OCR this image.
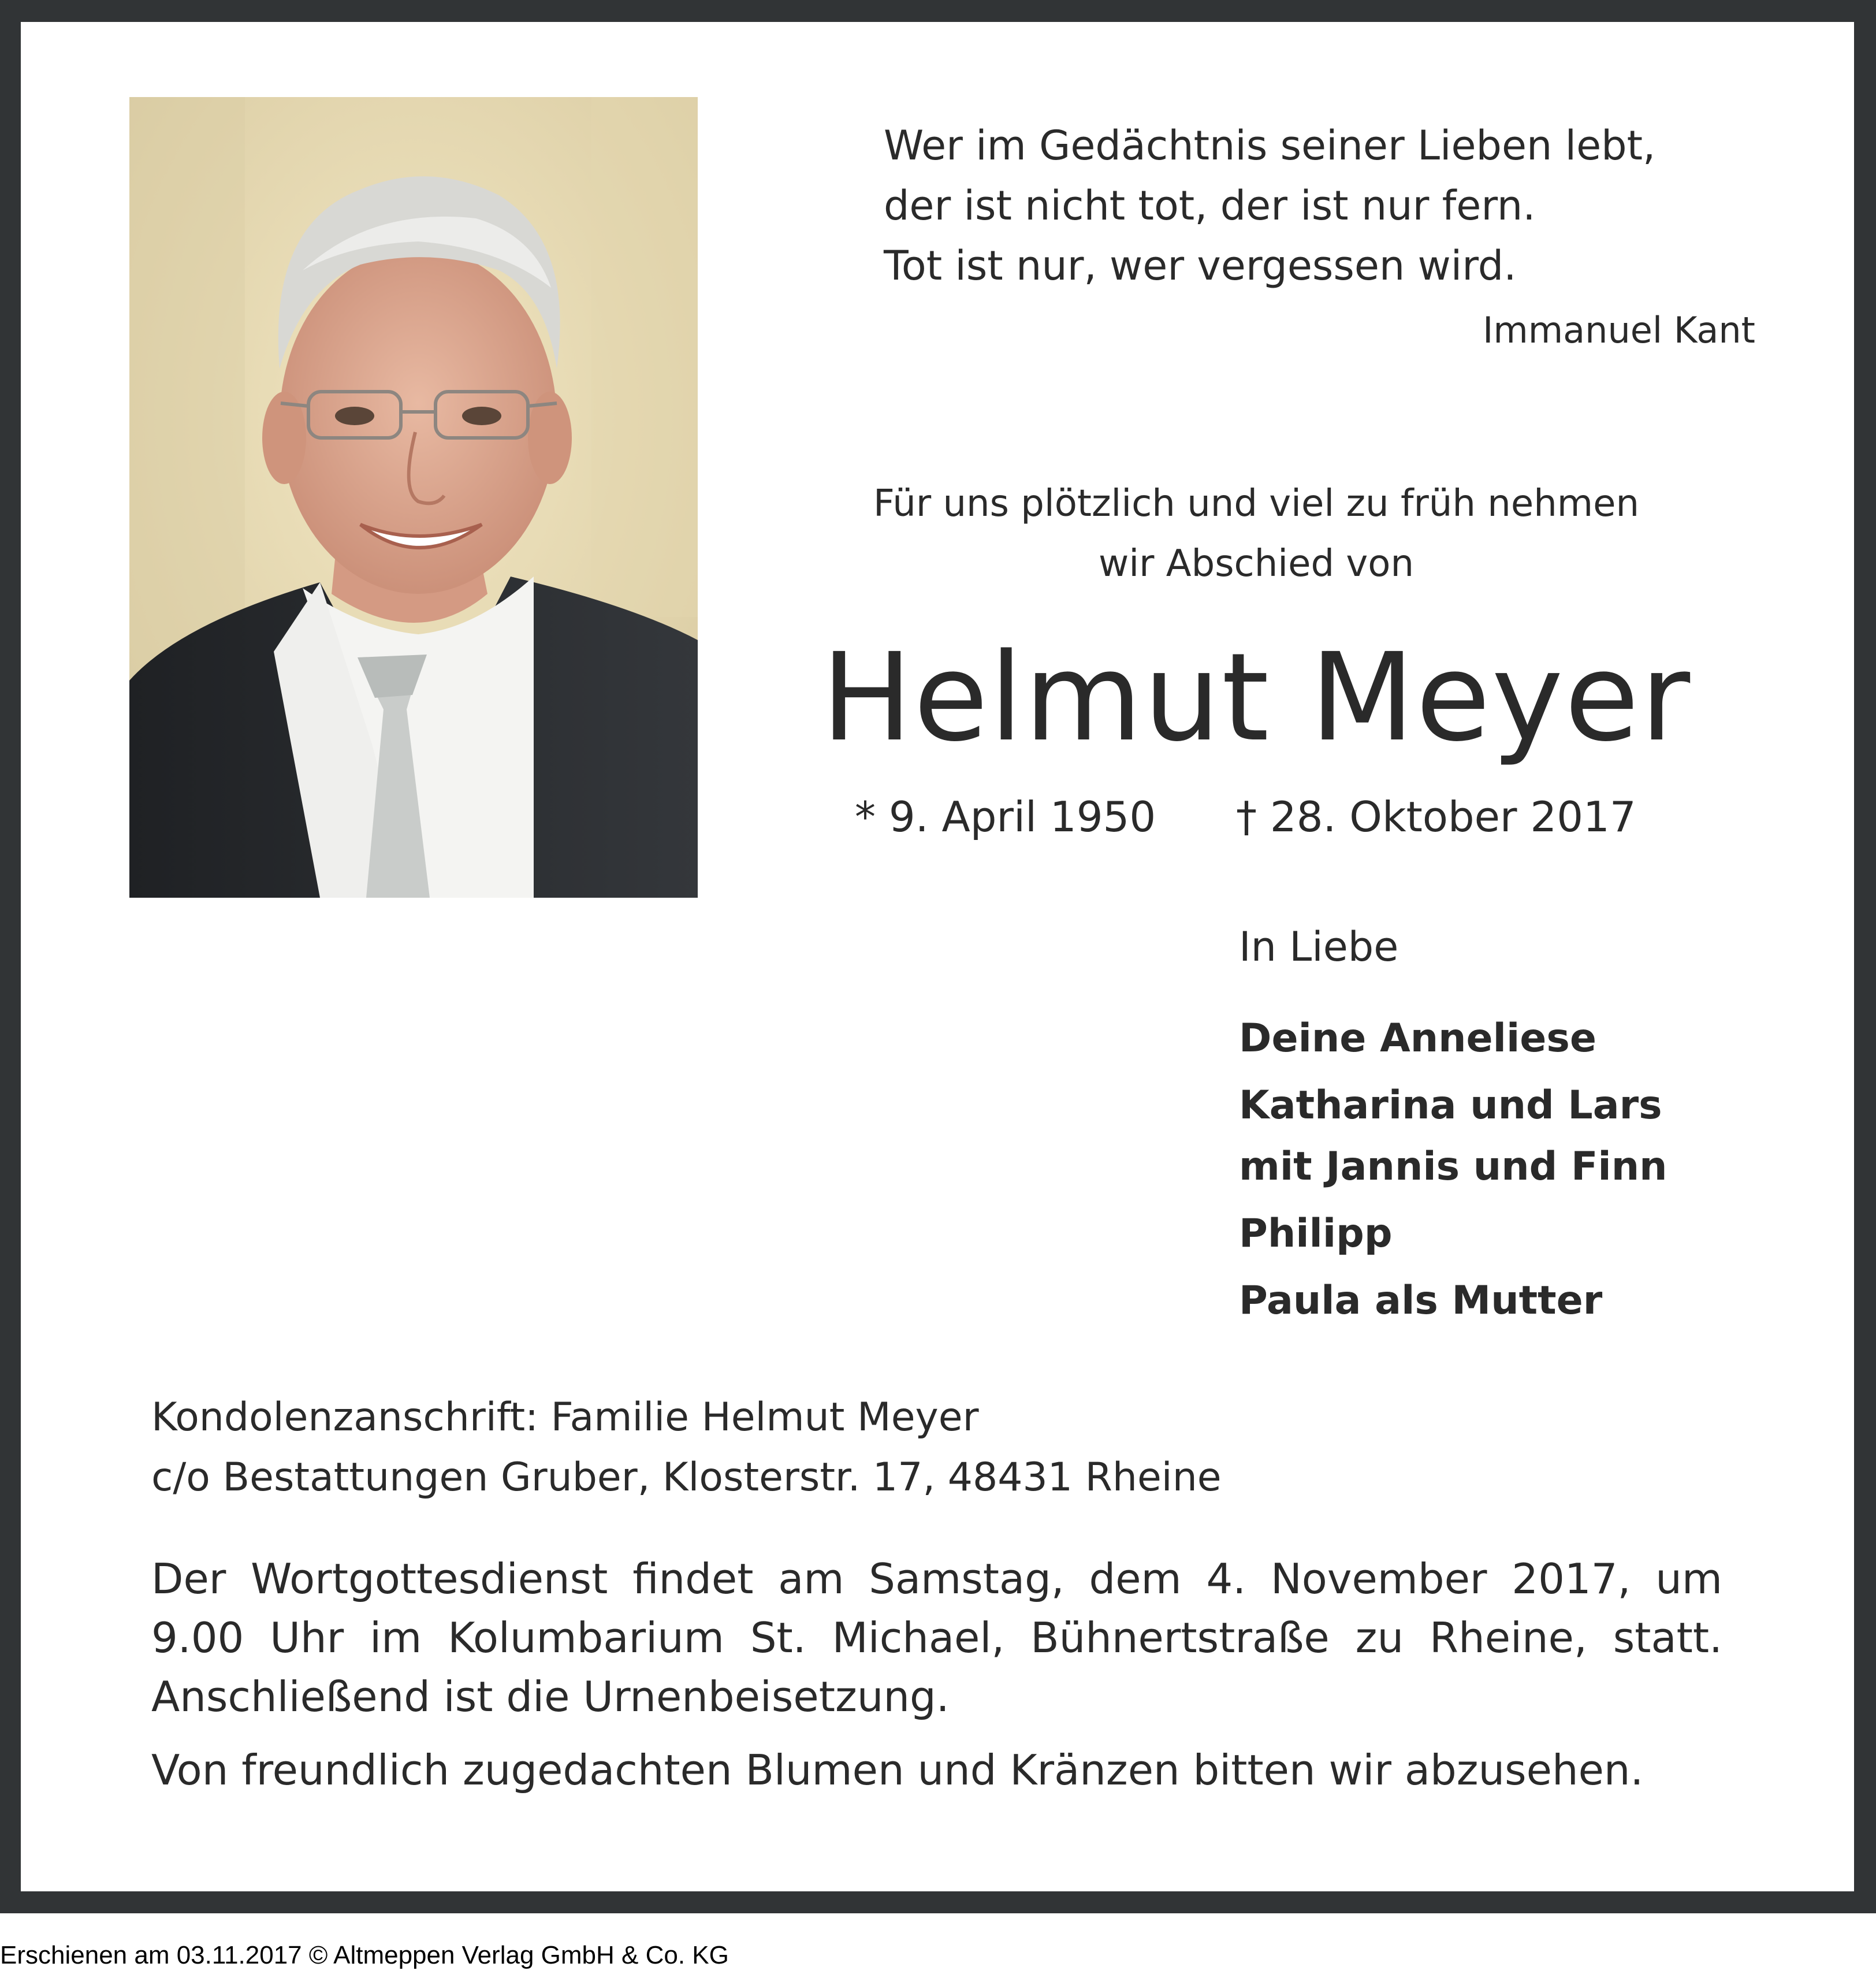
Wer im Gedächtnis seiner Lieben lebt,
der ist nicht tot, der ist nur fern.
Tot ist nur, wer vergessen wird.
Immanuel Kant
Für uns plötzlich und viel zu früh nehmen
wir Abschied von
Helmut Meyer
* 9. April 1950 † 28. Oktober 2017
In Liebe
Deine Anneliese
Katharina und Lars
mit Jannis und Finn
Philipp
Paula als Mutter
Kondolenzanschrift: Familie Helmut Meyer
c/o Bestattungen Gruber, Klosterstr. 17, 48431 Rheine
Der Wortgottesdienst findet am Samstag, dem 4. November 2017, um 9.00 Uhr im Kolumbarium St. Michael, Bühnertstraße zu Rheine, statt. Anschließend ist die Urnenbeisetzung.
Von freundlich zugedachten Blumen und Kränzen bitten wir abzusehen.
Erschienen am 03.11.2017 © Altmeppen Verlag GmbH & Co. KG
